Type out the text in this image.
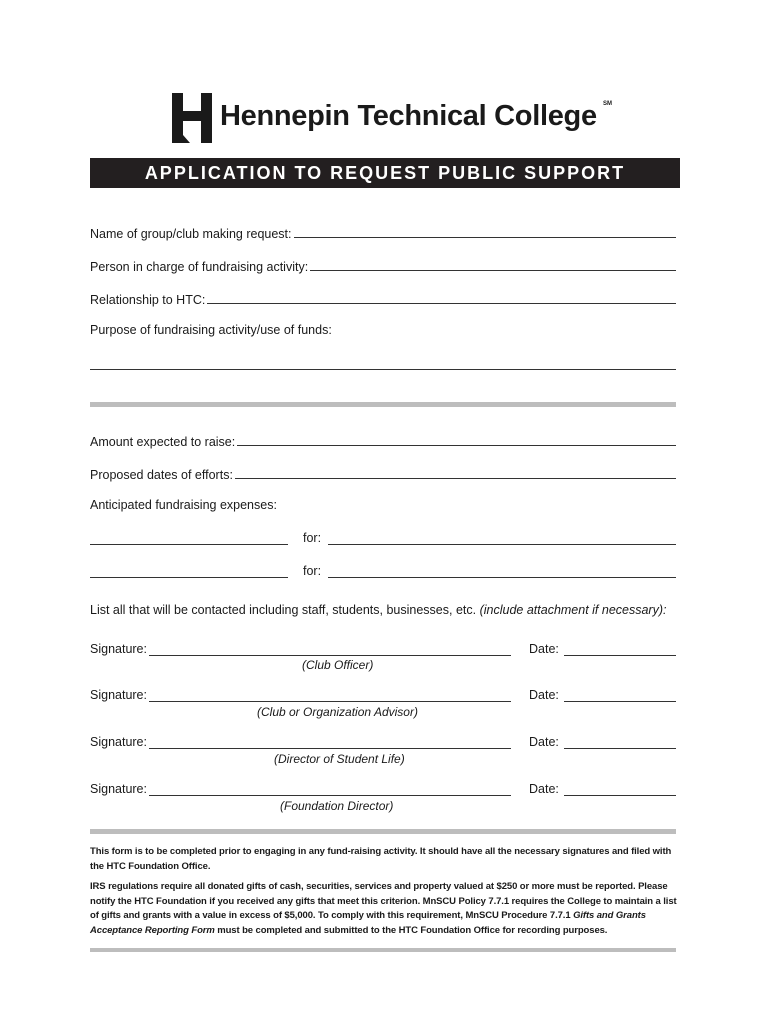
Hennepin Technical College SM
APPLICATION TO REQUEST PUBLIC SUPPORT
Name of group/club making request:
Person in charge of fundraising activity:
Relationship to HTC:
Purpose of fundraising activity/use of funds:
Amount expected to raise:
Proposed dates of efforts:
Anticipated fundraising expenses:
for:
for:
List all that will be contacted including staff, students, businesses, etc. (include attachment if necessary):
Signature:	Date:
(Club Officer)
Signature:	Date:
(Club or Organization Advisor)
Signature:	Date:
(Director of Student Life)
Signature:	Date:
(Foundation Director)
This form is to be completed prior to engaging in any fund-raising activity. It should have all the necessary signatures and filed with the HTC Foundation Office.
IRS regulations require all donated gifts of cash, securities, services and property valued at $250 or more must be reported. Please notify the HTC Foundation if you received any gifts that meet this criterion. MnSCU Policy 7.7.1 requires the College to maintain a list of gifts and grants with a value in excess of $5,000. To comply with this requirement, MnSCU Procedure 7.7.1 Gifts and Grants Acceptance Reporting Form must be completed and submitted to the HTC Foundation Office for recording purposes.
